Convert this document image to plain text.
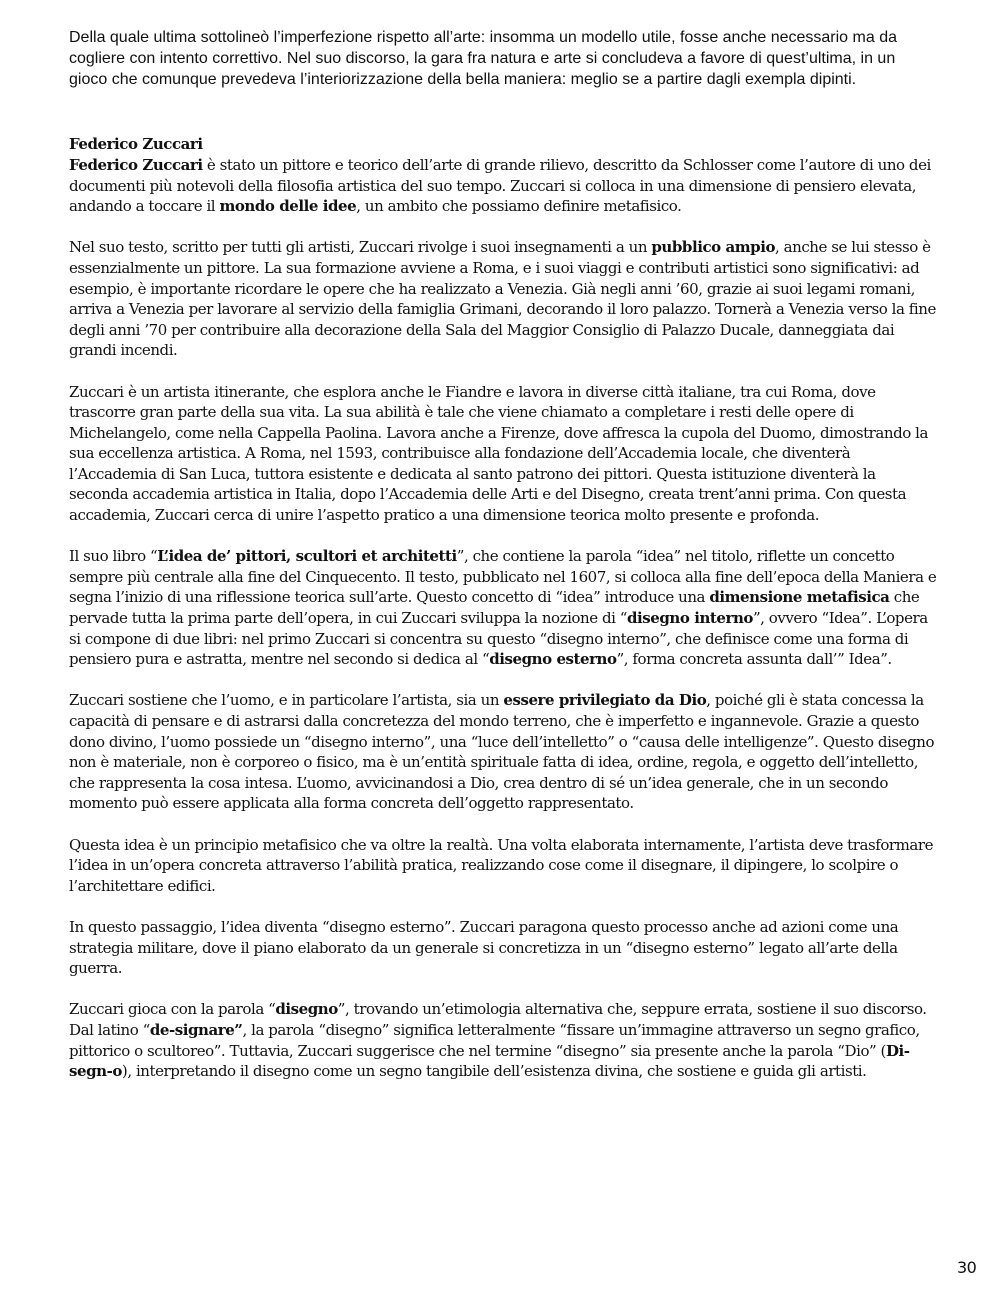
Della quale ultima sottolineò l’imperfezione rispetto all’arte: insomma un modello utile, fosse anche necessario ma da cogliere con intento correttivo. Nel suo discorso, la gara fra natura e arte si concludeva a favore di quest’ultima, in un gioco che comunque prevedeva l’interiorizzazione della bella maniera: meglio se a partire dagli exempla dipinti.

Federico Zuccari

Federico Zuccari è stato un pittore e teorico dell’arte di grande rilievo, descritto da Schlosser come l’autore di uno dei documenti più notevoli della filosofia artistica del suo tempo. Zuccari si colloca in una dimensione di pensiero elevata, andando a toccare il mondo delle idee, un ambito che possiamo definire metafisico.

Nel suo testo, scritto per tutti gli artisti, Zuccari rivolge i suoi insegnamenti a un pubblico ampio, anche se lui stesso è essenzialmente un pittore. La sua formazione avviene a Roma, e i suoi viaggi e contributi artistici sono significativi: ad esempio, è importante ricordare le opere che ha realizzato a Venezia. Già negli anni ’60, grazie ai suoi legami romani, arriva a Venezia per lavorare al servizio della famiglia Grimani, decorando il loro palazzo. Tornerà a Venezia verso la fine degli anni ’70 per contribuire alla decorazione della Sala del Maggior Consiglio di Palazzo Ducale, danneggiata dai grandi incendi.

Zuccari è un artista itinerante, che esplora anche le Fiandre e lavora in diverse città italiane, tra cui Roma, dove trascorre gran parte della sua vita. La sua abilità è tale che viene chiamato a completare i resti delle opere di Michelangelo, come nella Cappella Paolina. Lavora anche a Firenze, dove affresca la cupola del Duomo, dimostrando la sua eccellenza artistica. A Roma, nel 1593, contribuisce alla fondazione dell’Accademia locale, che diventerà l’Accademia di San Luca, tuttora esistente e dedicata al santo patrono dei pittori. Questa istituzione diventerà la seconda accademia artistica in Italia, dopo l’Accademia delle Arti e del Disegno, creata trent’anni prima. Con questa accademia, Zuccari cerca di unire l’aspetto pratico a una dimensione teorica molto presente e profonda.

Il suo libro “L’idea de’ pittori, scultori et architetti”, che contiene la parola “idea” nel titolo, riflette un concetto sempre più centrale alla fine del Cinquecento. Il testo, pubblicato nel 1607, si colloca alla fine dell’epoca della Maniera e segna l’inizio di una riflessione teorica sull’arte. Questo concetto di “idea” introduce una dimensione metafisica che pervade tutta la prima parte dell’opera, in cui Zuccari sviluppa la nozione di “disegno interno”, ovvero “Idea”. L’opera si compone di due libri: nel primo Zuccari si concentra su questo “disegno interno”, che definisce come una forma di pensiero pura e astratta, mentre nel secondo si dedica al “disegno esterno”, forma concreta assunta dall’” Idea”.

Zuccari sostiene che l’uomo, e in particolare l’artista, sia un essere privilegiato da Dio, poiché gli è stata concessa la capacità di pensare e di astrarsi dalla concretezza del mondo terreno, che è imperfetto e ingannevole. Grazie a questo dono divino, l’uomo possiede un “disegno interno”, una “luce dell’intelletto” o “causa delle intelligenze”. Questo disegno non è materiale, non è corporeo o fisico, ma è un’entità spirituale fatta di idea, ordine, regola, e oggetto dell’intelletto, che rappresenta la cosa intesa. L’uomo, avvicinandosi a Dio, crea dentro di sé un’idea generale, che in un secondo momento può essere applicata alla forma concreta dell’oggetto rappresentato.

Questa idea è un principio metafisico che va oltre la realtà. Una volta elaborata internamente, l’artista deve trasformare l’idea in un’opera concreta attraverso l’abilità pratica, realizzando cose come il disegnare, il dipingere, lo scolpire o l’architettare edifici.

In questo passaggio, l’idea diventa “disegno esterno”. Zuccari paragona questo processo anche ad azioni come una strategia militare, dove il piano elaborato da un generale si concretizza in un “disegno esterno” legato all’arte della guerra.

Zuccari gioca con la parola “disegno”, trovando un’etimologia alternativa che, seppure errata, sostiene il suo discorso. Dal latino “de-signare”, la parola “disegno” significa letteralmente “fissare un’immagine attraverso un segno grafico, pittorico o scultoreo”. Tuttavia, Zuccari suggerisce che nel termine “disegno” sia presente anche la parola “Dio” (Di-segn-o), interpretando il disegno come un segno tangibile dell’esistenza divina, che sostiene e guida gli artisti.

30
